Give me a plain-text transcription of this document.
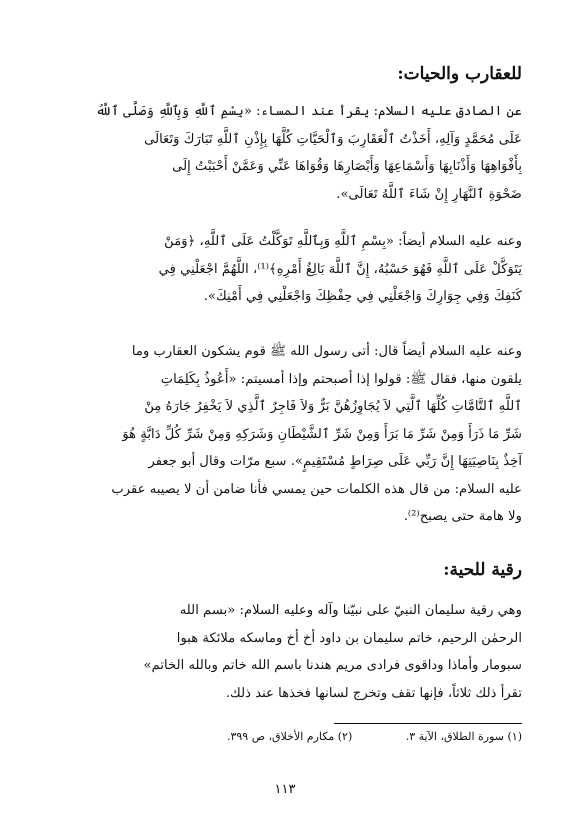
للعقارب والحيات:
عن الصادق عليه السلام: يقرأ عند المساء: «بِسْمِ ٱللَّهِ وَبِٱللَّهِ وَصَلَّى ٱللَّهُ
عَلَى مُحَمَّدٍ وَآلِهِ، أَخَذْتُ ٱلْعَقَارِبَ وَٱلْحَيَّاتِ كُلَّهَا بِإِذْنِ ٱللَّهِ تَبَارَكَ وَتَعَالَى
بِأَفْوَاهِهَا وَأَذْنَابِهَا وَأَسْمَاعِهَا وَأَبْصَارِهَا وَقُوَاهَا عَنِّي وَعَمَّنْ أَحْبَبْتُ إِلَى
ضَحْوَةِ ٱلنَّهَارِ إِنْ شَاءَ ٱللَّهُ تَعَالَى».
وعنه عليه السلام أيضاً: «بِسْمِ ٱللَّهِ وَبِٱللَّهِ تَوَكَّلْتُ عَلَى ٱللَّهِ، ﴿وَمَنْ
يَتَوَكَّلْ عَلَى ٱللَّهِ فَهُوَ حَسْبُهُ، إِنَّ ٱللَّهَ بَالِغُ أَمْرِهِ﴾⁽¹⁾، اللَّهُمَّ اجْعَلْنِي فِي
كَنَفِكَ وَفِي جِوَارِكَ وَاجْعَلْنِي فِي حِفْظِكَ وَاجْعَلْنِي فِي أَمْنِكَ».
وعنه عليه السلام أيضاً قال: أتى رسول الله ﷺ قوم يشكون العقارب وما
يلقون منها، فقال ﷺ: قولوا إذا أصبحتم وإذا أمسيتم: «أَعُوذُ بِكَلِمَاتِ
ٱللَّهِ ٱلتَّامَّاتِ كُلِّهَا ٱلَّتِي لاَ يُجَاوِزُهُنَّ بَرٌّ وَلاَ فَاجِرٌ ٱلَّذِي لاَ يَخْفِرُ جَارَهُ مِنْ
شَرِّ مَا ذَرَأَ وَمِنْ شَرِّ مَا بَرَأَ وَمِنْ شَرِّ ٱلشَّيْطَانِ وَشَرَكِهِ وَمِنْ شَرِّ كُلِّ دَابَّةٍ هُوَ
آخِذٌ بِنَاصِيَتِهَا إِنَّ رَبِّي عَلَى صِرَاطٍ مُسْتَقِيمٍ». سبع مرّات وقال أبو جعفر
عليه السلام: من قال هذه الكلمات حين يمسي فأنا ضامن أن لا يصيبه عقرب
ولا هامة حتى يصبح⁽²⁾.
رقية للحية:
وهي رقية سليمان النبيّ على نبيّنا وآله وعليه السلام: «بسم الله
الرحمٰن الرحيم، خاتم سليمان بن داود أخ أخ وماسكه ملائكة هبوا
سبومار وأماذا وداقوى فرادى مريم هندنا باسم الله خاتم وبالله الخاتم»
تقرأ ذلك ثلاثاً، فإنها تقف وتخرج لسانها فخذها عند ذلك.
(١) سورة الطلاق، الآية ٣. (٢) مكارم الأخلاق، ص ٣٩٩.
١١٣
